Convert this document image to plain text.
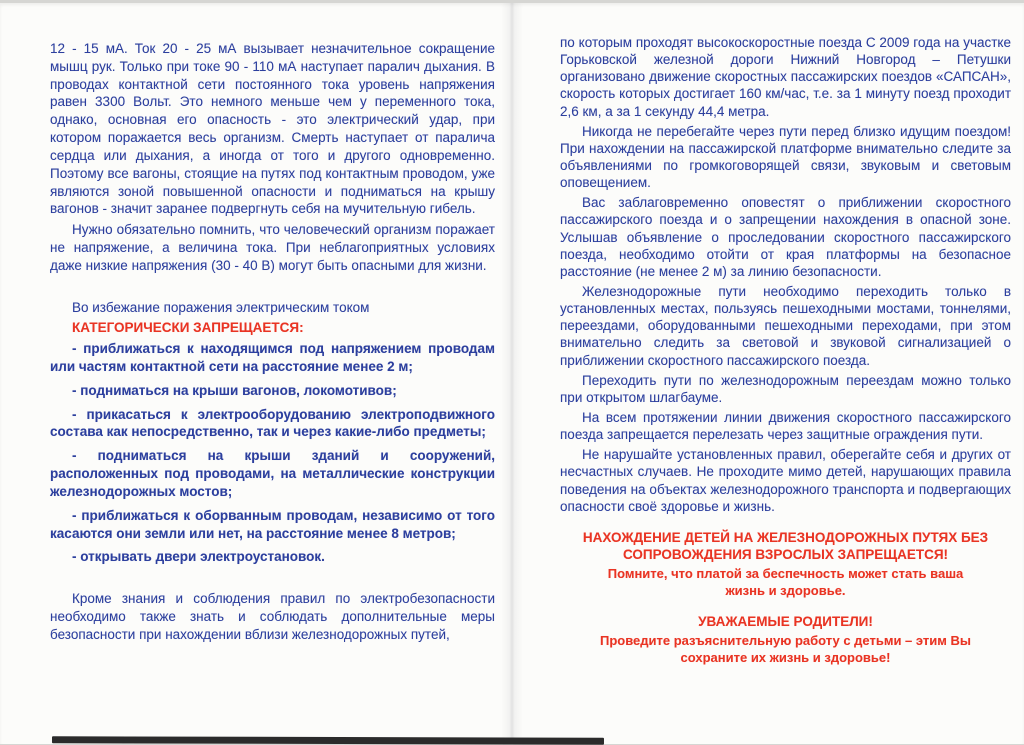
12 - 15 мА. Ток 20 - 25 мА вызывает незначительное сокращение мышц рук. Только при токе 90 - 110 мА наступает паралич дыхания. В проводах контактной сети постоянного тока уровень напряжения равен 3300 Вольт. Это немного меньше чем у переменного тока, однако, основная его опасность - это электрический удар, при котором поражается весь организм. Смерть наступает от паралича сердца или дыхания, а иногда от того и другого одновременно. Поэтому все вагоны, стоящие на путях под контактным проводом, уже являются зоной повышенной опасности и подниматься на крышу вагонов - значит заранее подвергнуть себя на мучительную гибель.

Нужно обязательно помнить, что человеческий организм поражает не напряжение, а величина тока. При неблагоприятных условиях даже низкие напряжения (30 - 40 В) могут быть опасными для жизни.

Во избежание поражения электрическим током

КАТЕГОРИЧЕСКИ ЗАПРЕЩАЕТСЯ:

- приближаться к находящимся под напряжением проводам или частям контактной сети на расстояние менее 2 м;

- подниматься на крыши вагонов, локомотивов;

- прикасаться к электрооборудованию электроподвижного состава как непосредственно, так и через какие-либо предметы;

- подниматься на крыши зданий и сооружений, расположенных под проводами, на металлические конструкции железнодорожных мостов;

- приближаться к оборванным проводам, независимо от того касаются они земли или нет, на расстояние менее 8 метров;

- открывать двери электроустановок.

Кроме знания и соблюдения правил по электробезопасности необходимо также знать и соблюдать дополнительные меры безопасности при нахождении вблизи железнодорожных путей,

по которым проходят высокоскоростные поезда С 2009 года на участке Горьковской железной дороги Нижний Новгород – Петушки организовано движение скоростных пассажирских поездов «САПСАН», скорость которых достигает 160 км/час, т.е. за 1 минуту поезд проходит 2,6 км, а за 1 секунду 44,4 метра.

Никогда не перебегайте через пути перед близко идущим поездом! При нахождении на пассажирской платформе внимательно следите за объявлениями по громкоговорящей связи, звуковым и световым оповещением.

Вас заблаговременно оповестят о приближении скоростного пассажирского поезда и о запрещении нахождения в опасной зоне. Услышав объявление о проследовании скоростного пассажирского поезда, необходимо отойти от края платформы на безопасное расстояние (не менее 2 м) за линию безопасности.

Железнодорожные пути необходимо переходить только в установленных местах, пользуясь пешеходными мостами, тоннелями, переездами, оборудованными пешеходными переходами, при этом внимательно следить за световой и звуковой сигнализацией о приближении скоростного пассажирского поезда.

Переходить пути по железнодорожным переездам можно только при открытом шлагбауме.

На всем протяжении линии движения скоростного пассажирского поезда запрещается перелезать через защитные ограждения пути.

Не нарушайте установленных правил, оберегайте себя и других от несчастных случаев. Не проходите мимо детей, нарушающих правила поведения на объектах железнодорожного транспорта и подвергающих опасности своё здоровье и жизнь.

НАХОЖДЕНИЕ ДЕТЕЙ НА ЖЕЛЕЗНОДОРОЖНЫХ ПУТЯХ БЕЗ СОПРОВОЖДЕНИЯ ВЗРОСЛЫХ ЗАПРЕЩАЕТСЯ!

Помните, что платой за беспечность может стать ваша жизнь и здоровье.

УВАЖАЕМЫЕ РОДИТЕЛИ!

Проведите разъяснительную работу с детьми – этим Вы сохраните их жизнь и здоровье!
